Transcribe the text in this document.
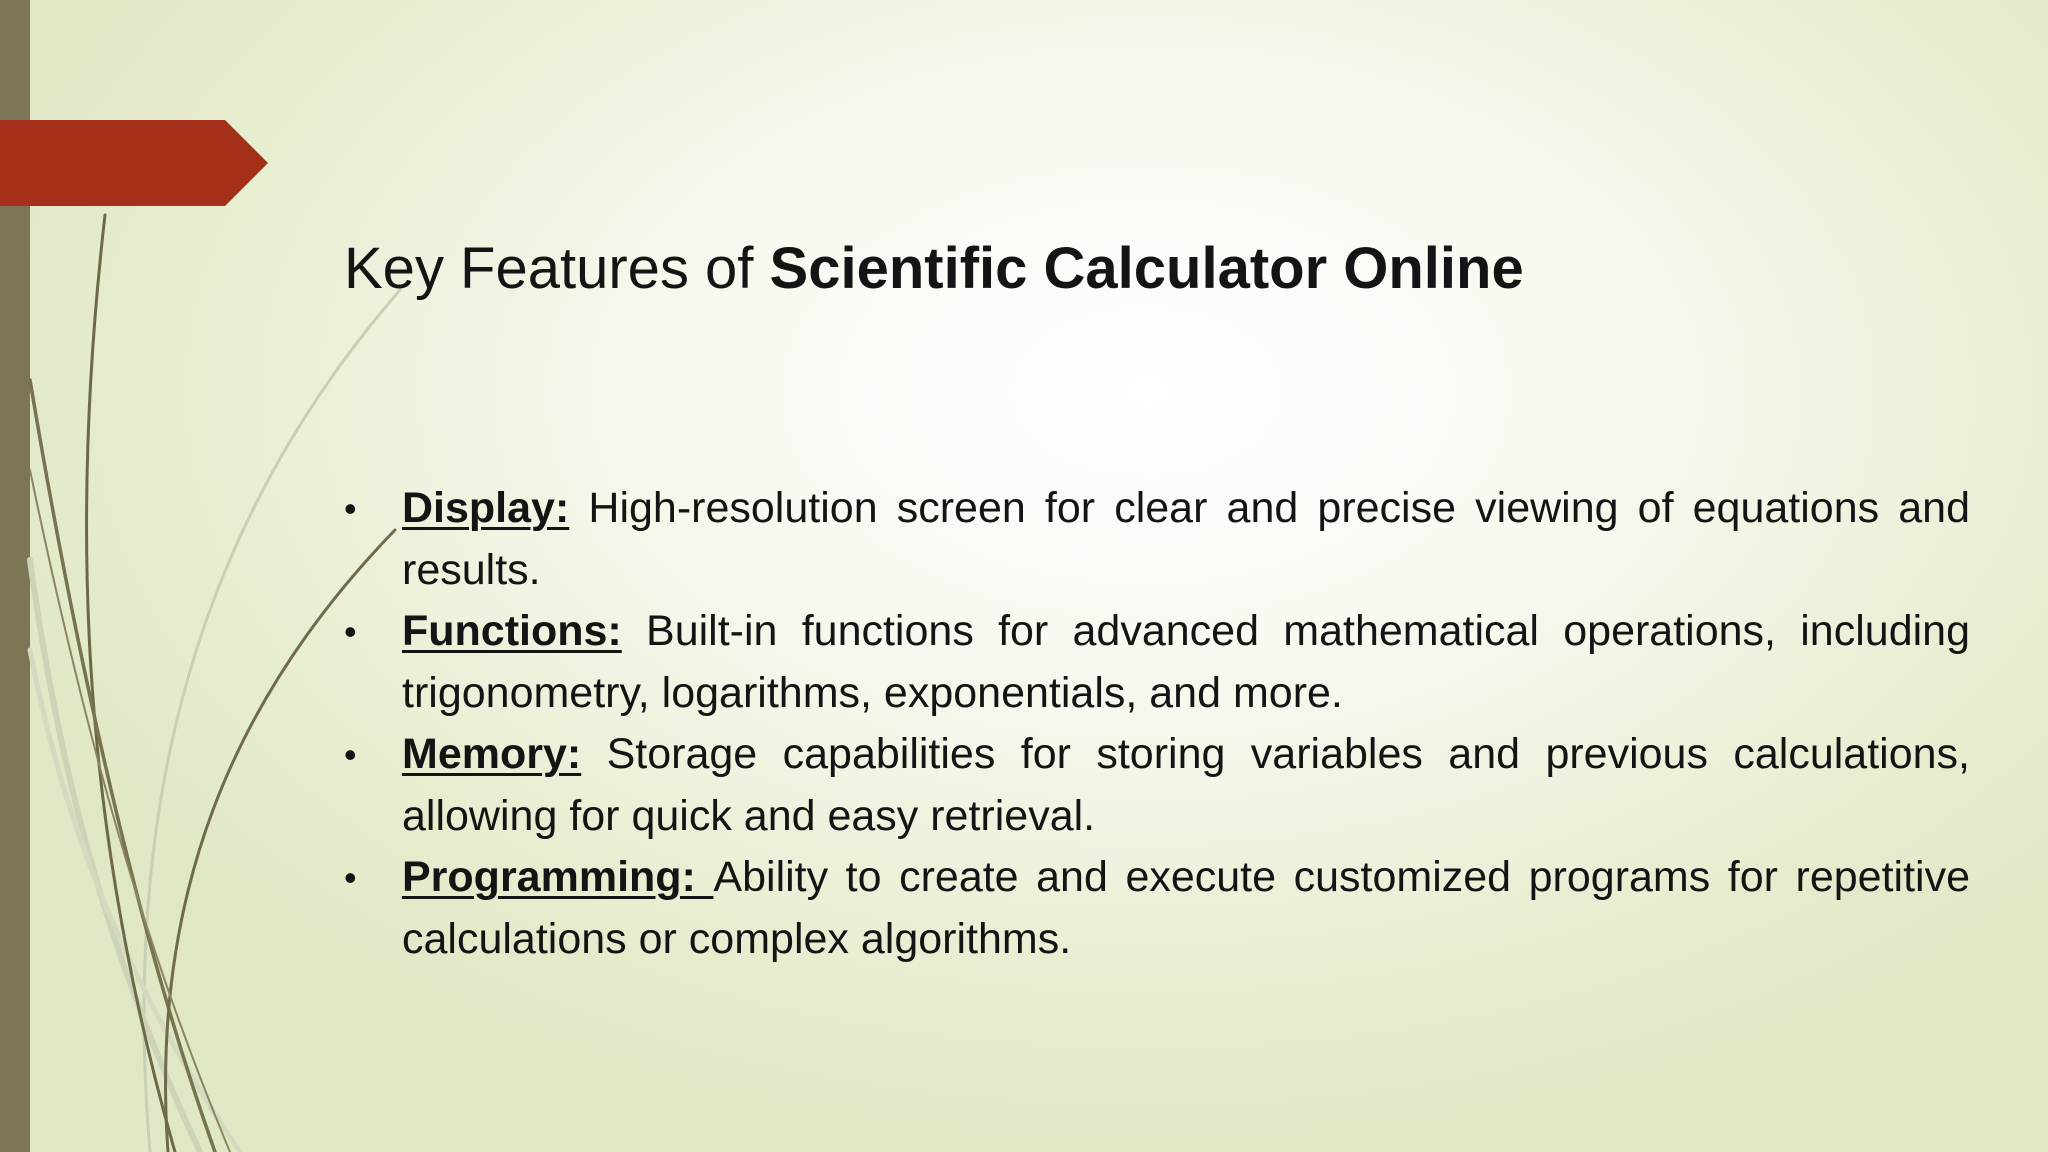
Key Features of Scientific Calculator Online
•	Display: High-resolution screen for clear and precise viewing of equations and results.
•	Functions: Built-in functions for advanced mathematical operations, including trigonometry, logarithms, exponentials, and more.
•	Memory: Storage capabilities for storing variables and previous calculations, allowing for quick and easy retrieval.
•	Programming: Ability to create and execute customized programs for repetitive calculations or complex algorithms.
